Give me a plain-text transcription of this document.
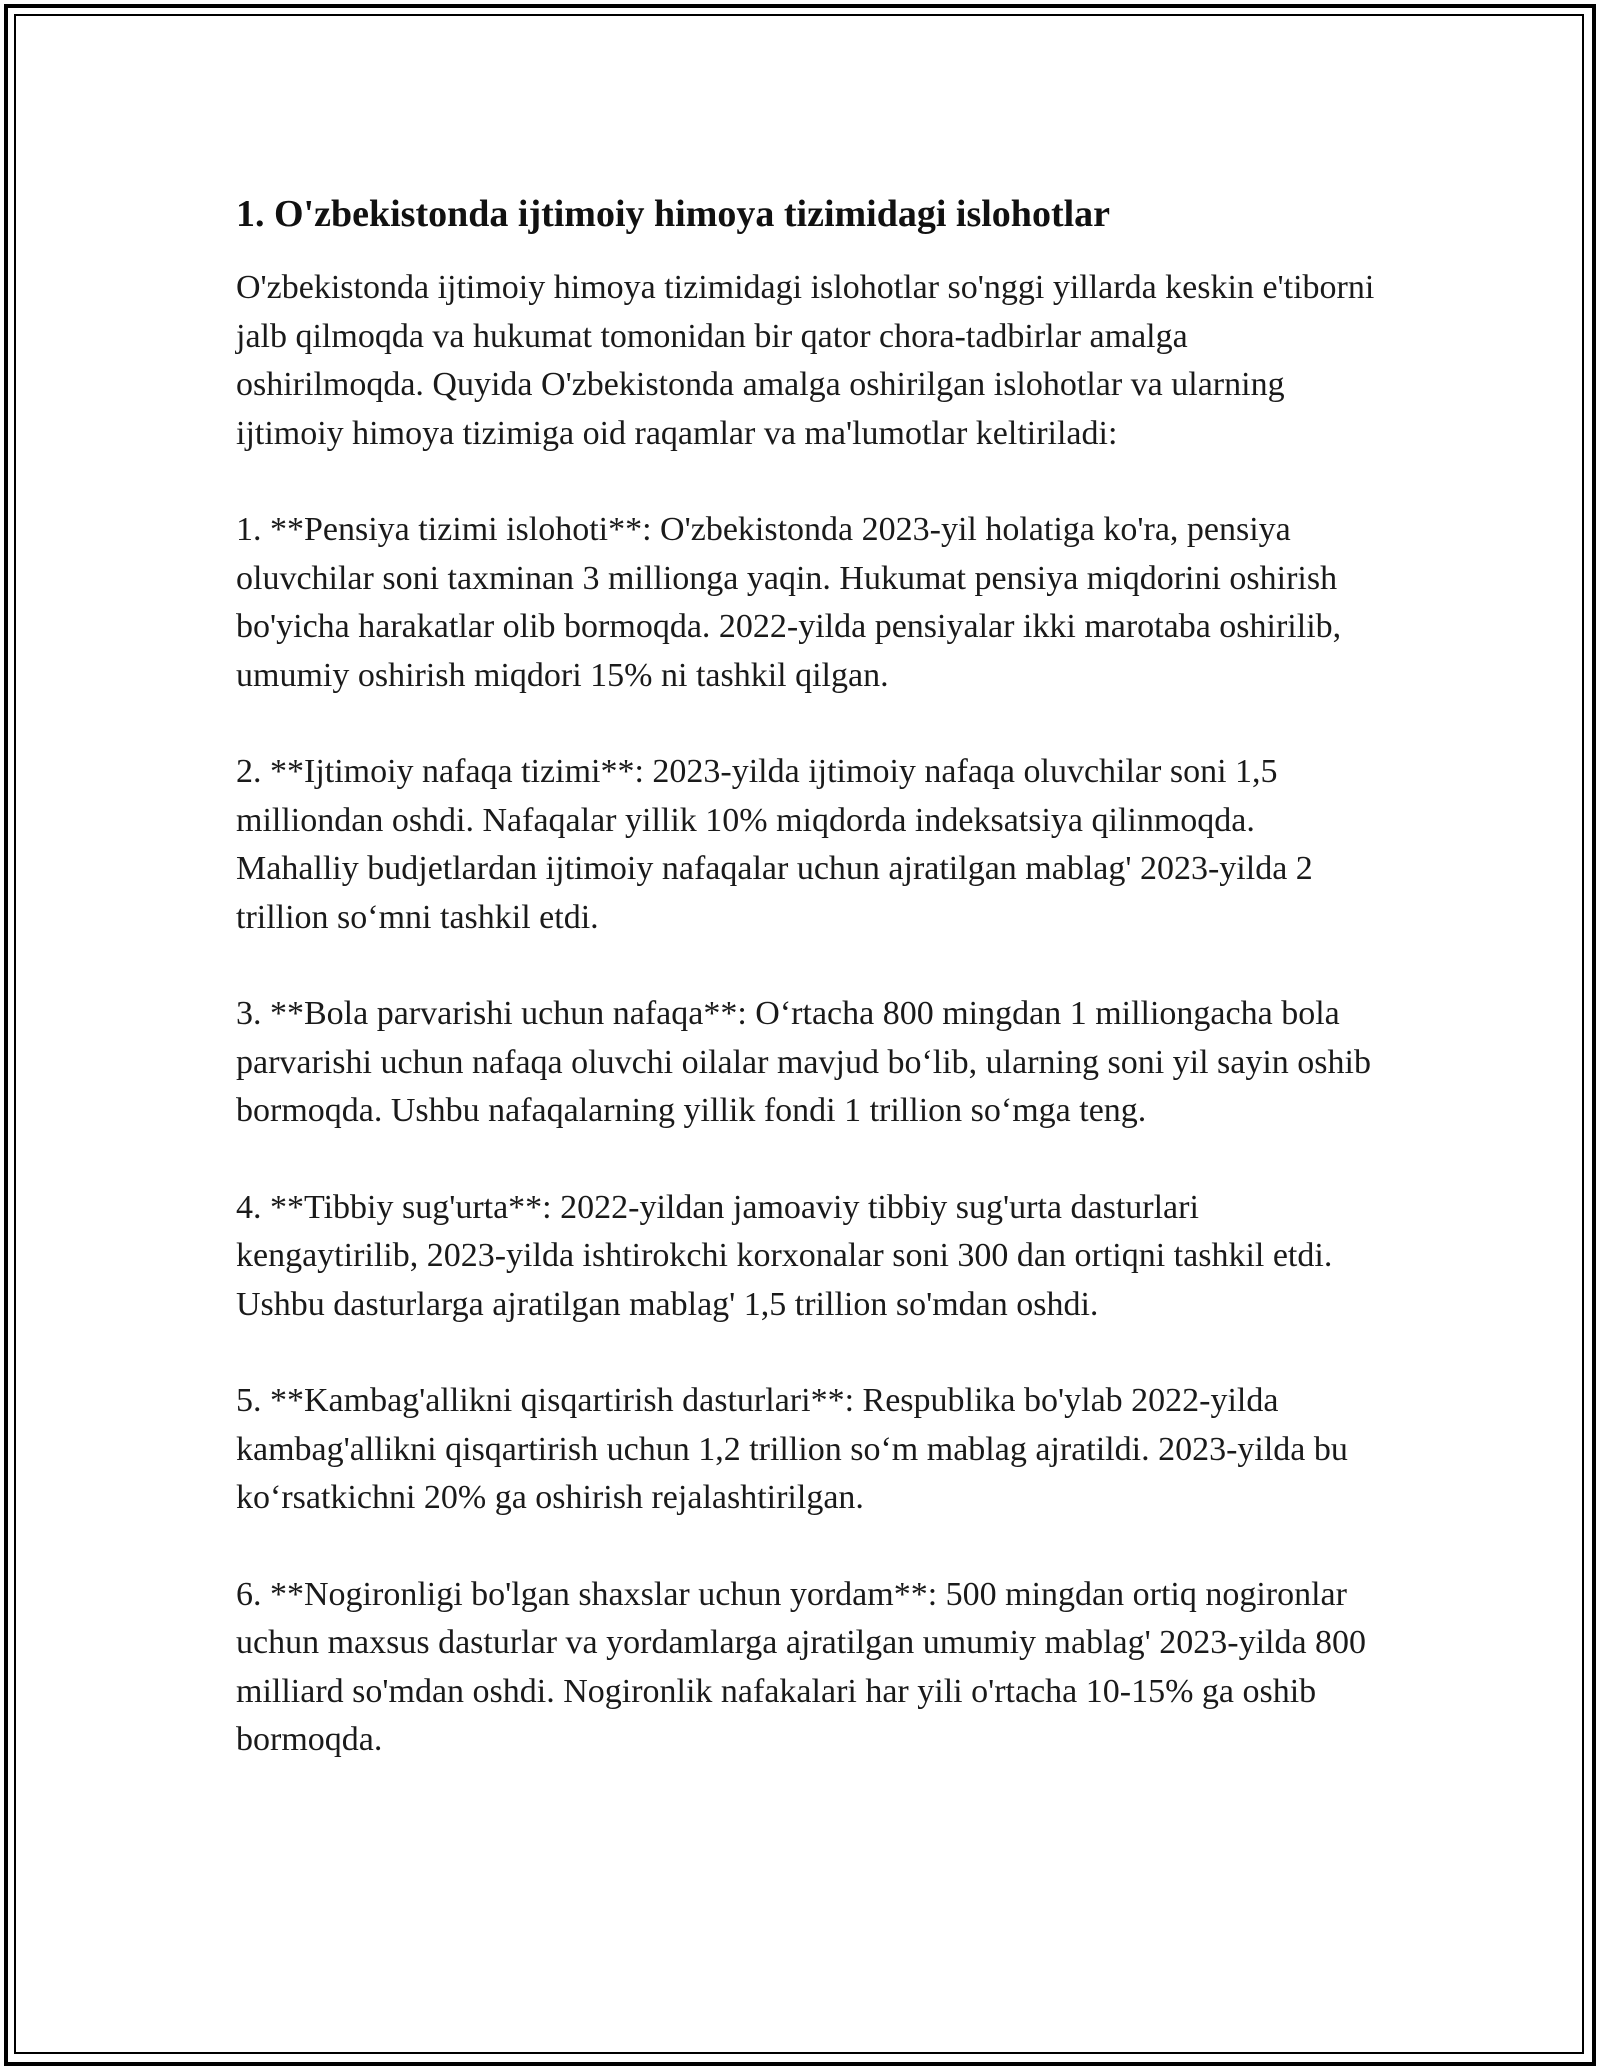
1. O'zbekistonda ijtimoiy himoya tizimidagi islohotlar

O'zbekistonda ijtimoiy himoya tizimidagi islohotlar so'nggi yillarda keskin e'tiborni jalb qilmoqda va hukumat tomonidan bir qator chora-tadbirlar amalga oshirilmoqda. Quyida O'zbekistonda amalga oshirilgan islohotlar va ularning ijtimoiy himoya tizimiga oid raqamlar va ma'lumotlar keltiriladi:

1. **Pensiya tizimi islohoti**: O'zbekistonda 2023-yil holatiga ko'ra, pensiya oluvchilar soni taxminan 3 millionga yaqin. Hukumat pensiya miqdorini oshirish bo'yicha harakatlar olib bormoqda. 2022-yilda pensiyalar ikki marotaba oshirilib, umumiy oshirish miqdori 15% ni tashkil qilgan.

2. **Ijtimoiy nafaqa tizimi**: 2023-yilda ijtimoiy nafaqa oluvchilar soni 1,5 milliondan oshdi. Nafaqalar yillik 10% miqdorda indeksatsiya qilinmoqda. Mahalliy budjetlardan ijtimoiy nafaqalar uchun ajratilgan mablag' 2023-yilda 2 trillion so‘mni tashkil etdi.

3. **Bola parvarishi uchun nafaqa**: O‘rtacha 800 mingdan 1 milliongacha bola parvarishi uchun nafaqa oluvchi oilalar mavjud bo‘lib, ularning soni yil sayin oshib bormoqda. Ushbu nafaqalarning yillik fondi 1 trillion so‘mga teng.

4. **Tibbiy sug'urta**: 2022-yildan jamoaviy tibbiy sug'urta dasturlari kengaytirilib, 2023-yilda ishtirokchi korxonalar soni 300 dan ortiqni tashkil etdi. Ushbu dasturlarga ajratilgan mablag' 1,5 trillion so'mdan oshdi.

5. **Kambag'allikni qisqartirish dasturlari**: Respublika bo'ylab 2022-yilda kambag'allikni qisqartirish uchun 1,2 trillion so‘m mablag ajratildi. 2023-yilda bu ko‘rsatkichni 20% ga oshirish rejalashtirilgan.

6. **Nogironligi bo'lgan shaxslar uchun yordam**: 500 mingdan ortiq nogironlar uchun maxsus dasturlar va yordamlarga ajratilgan umumiy mablag' 2023-yilda 800 milliard so'mdan oshdi. Nogironlik nafakalari har yili o'rtacha 10-15% ga oshib bormoqda.
